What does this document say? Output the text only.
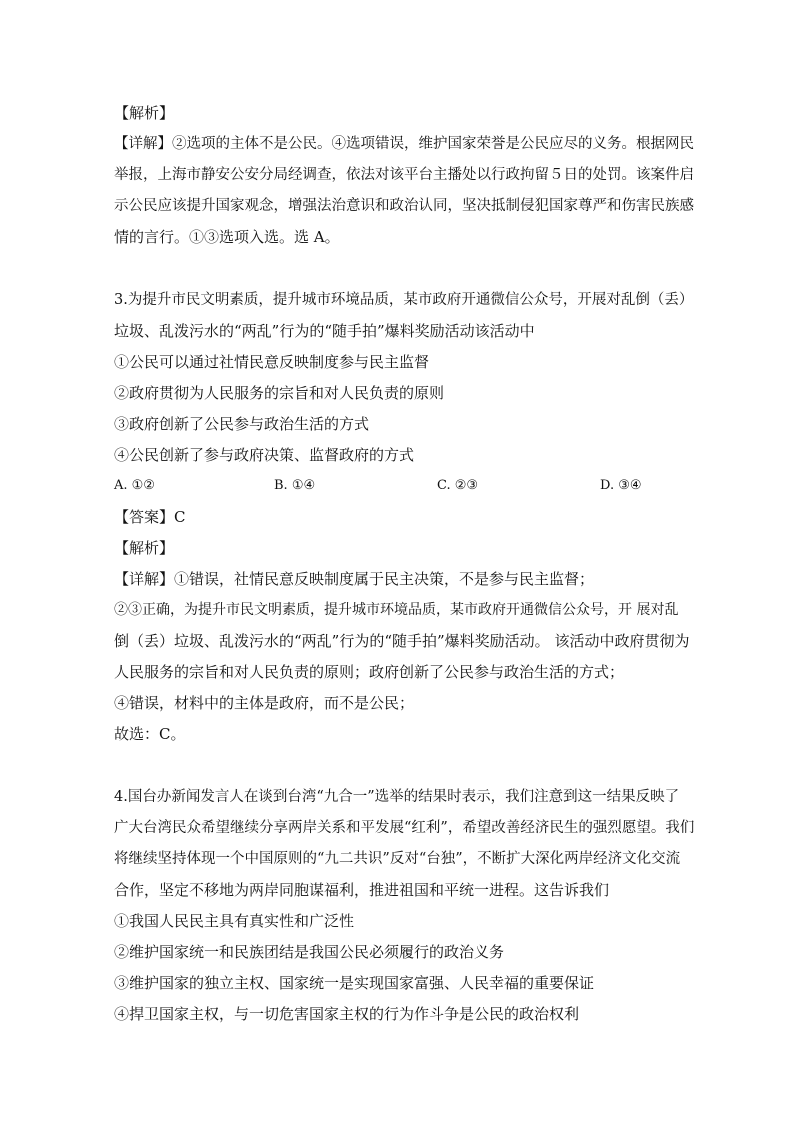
【解析】
【详解】②选项的主体不是公民。④选项错误，维护国家荣誉是公民应尽的义务。根据网民
举报，上海市静安公安分局经调查，依法对该平台主播处以行政拘留５日的处罚。该案件启
示公民应该提升国家观念，增强法治意识和政治认同，坚决抵制侵犯国家尊严和伤害民族感
情的言行。①③选项入选。选 A。
3.为提升市民文明素质，提升城市环境品质，某市政府开通微信公众号，开展对乱倒（丢）
垃圾、乱泼污水的“两乱”行为的“随手拍”爆料奖励活动该活动中
①公民可以通过社情民意反映制度参与民主监督
②政府贯彻为人民服务的宗旨和对人民负责的原则
③政府创新了公民参与政治生活的方式
④公民创新了参与政府决策、监督政府的方式
A. ①②	B. ①④	C. ②③	D. ③④
【答案】C
【解析】
【详解】①错误，社情民意反映制度属于民主决策，不是参与民主监督；
②③正确，为提升市民文明素质，提升城市环境品质，某市政府开通微信公众号，开 展对乱
倒（丢）垃圾、乱泼污水的“两乱”行为的“随手拍”爆料奖励活动。 该活动中政府贯彻为
人民服务的宗旨和对人民负责的原则；政府创新了公民参与政治生活的方式；
④错误，材料中的主体是政府，而不是公民；
故选：C。
4.国台办新闻发言人在谈到台湾“九合一”选举的结果时表示，我们注意到这一结果反映了
广大台湾民众希望继续分享两岸关系和平发展“红利”，希望改善经济民生的强烈愿望。我们
将继续坚持体现一个中国原则的“九二共识”反对“台独”，不断扩大深化两岸经济文化交流
合作，坚定不移地为两岸同胞谋福利，推进祖国和平统一进程。这告诉我们
①我国人民民主具有真实性和广泛性
②维护国家统一和民族团结是我国公民必须履行的政治义务
③维护国家的独立主权、国家统一是实现国家富强、人民幸福的重要保证
④捍卫国家主权，与一切危害国家主权的行为作斗争是公民的政治权利
